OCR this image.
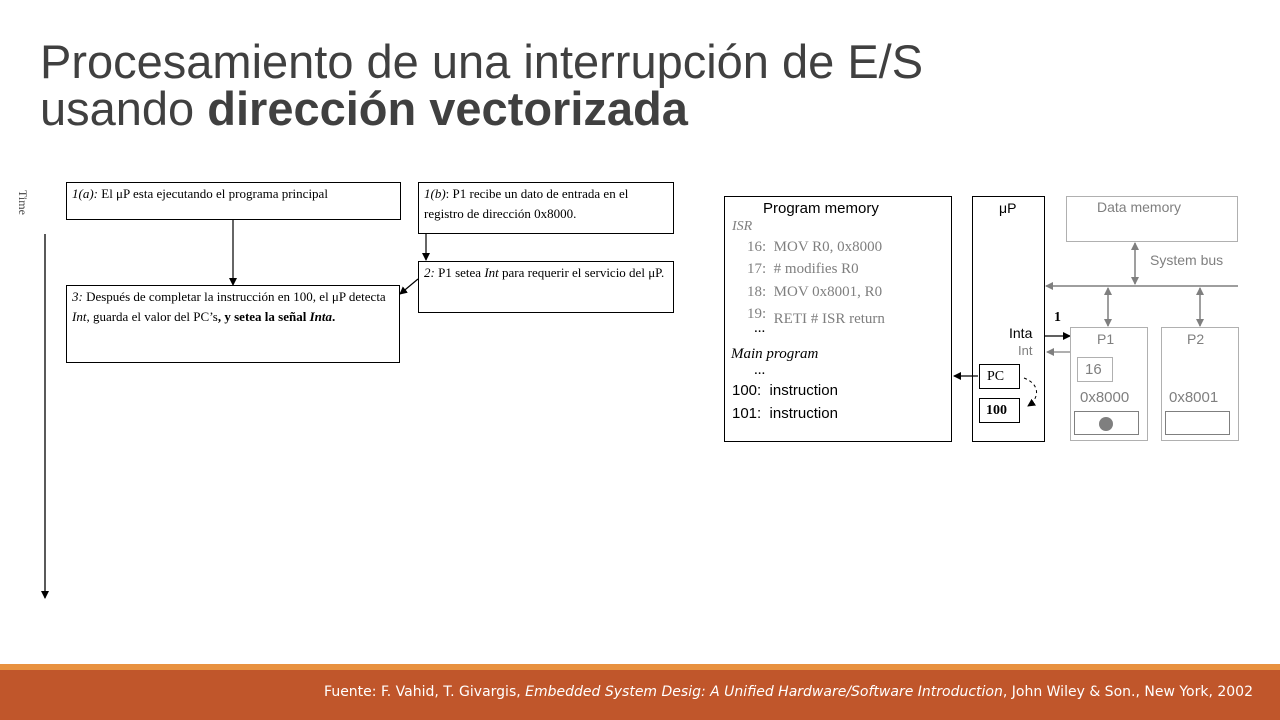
Procesamiento de una interrupción de E/S
usando dirección vectorizada
Time	1(a): El μP esta ejecutando el programa principal	1(b): P1 recibe un dato de entrada en el registro de dirección 0x8000.
2: P1 setea Int para requerir el servicio del μP.
3: Después de completar la instrucción en 100, el μP detecta Int, guarda el valor del PC’s, y setea la señal Inta.
Program memory
ISR
16: MOV R0, 0x8000
17: # modifies R0
18: MOV 0x8001, R0
19: RETI # ISR return
...
Main program
...
100: instruction
101: instruction
μP
Inta
Int
PC
100
1
Data memory
System bus
P1
16
0x8000
P2
0x8001
Fuente: F. Vahid, T. Givargis, Embedded System Desig: A Unified Hardware/Software Introduction, John Wiley & Son., New York, 2002
